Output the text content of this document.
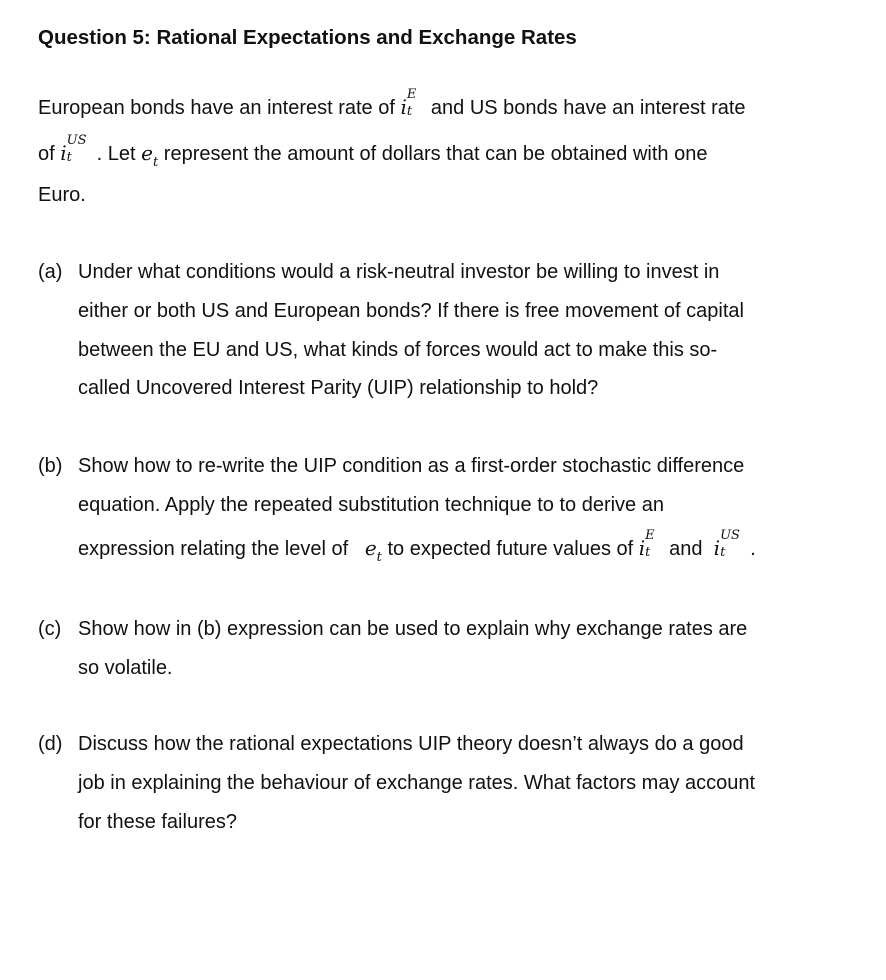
Question 5: Rational Expectations and Exchange Rates
European bonds have an interest rate of i
E
t and US bonds have an interest rate
of i
US
t . Let $e_t$ represent the amount of dollars that can be obtained with one
Euro.
(a) Under what conditions would a risk-neutral investor be willing to invest in
either or both US and European bonds? If there is free movement of capital
between the EU and US, what kinds of forces would act to make this so-
called Uncovered Interest Parity (UIP) relationship to hold?
(b) Show how to re-write the UIP condition as a first-order stochastic difference
equation. Apply the repeated substitution technique to to derive an
expression relating the level of $e_t$ to expected future values of i
E
t and i
US
t .
(c) Show how in (b) expression can be used to explain why exchange rates are
so volatile.
(d) Discuss how the rational expectations UIP theory doesn’t always do a good
job in explaining the behaviour of exchange rates. What factors may account
for these failures?
